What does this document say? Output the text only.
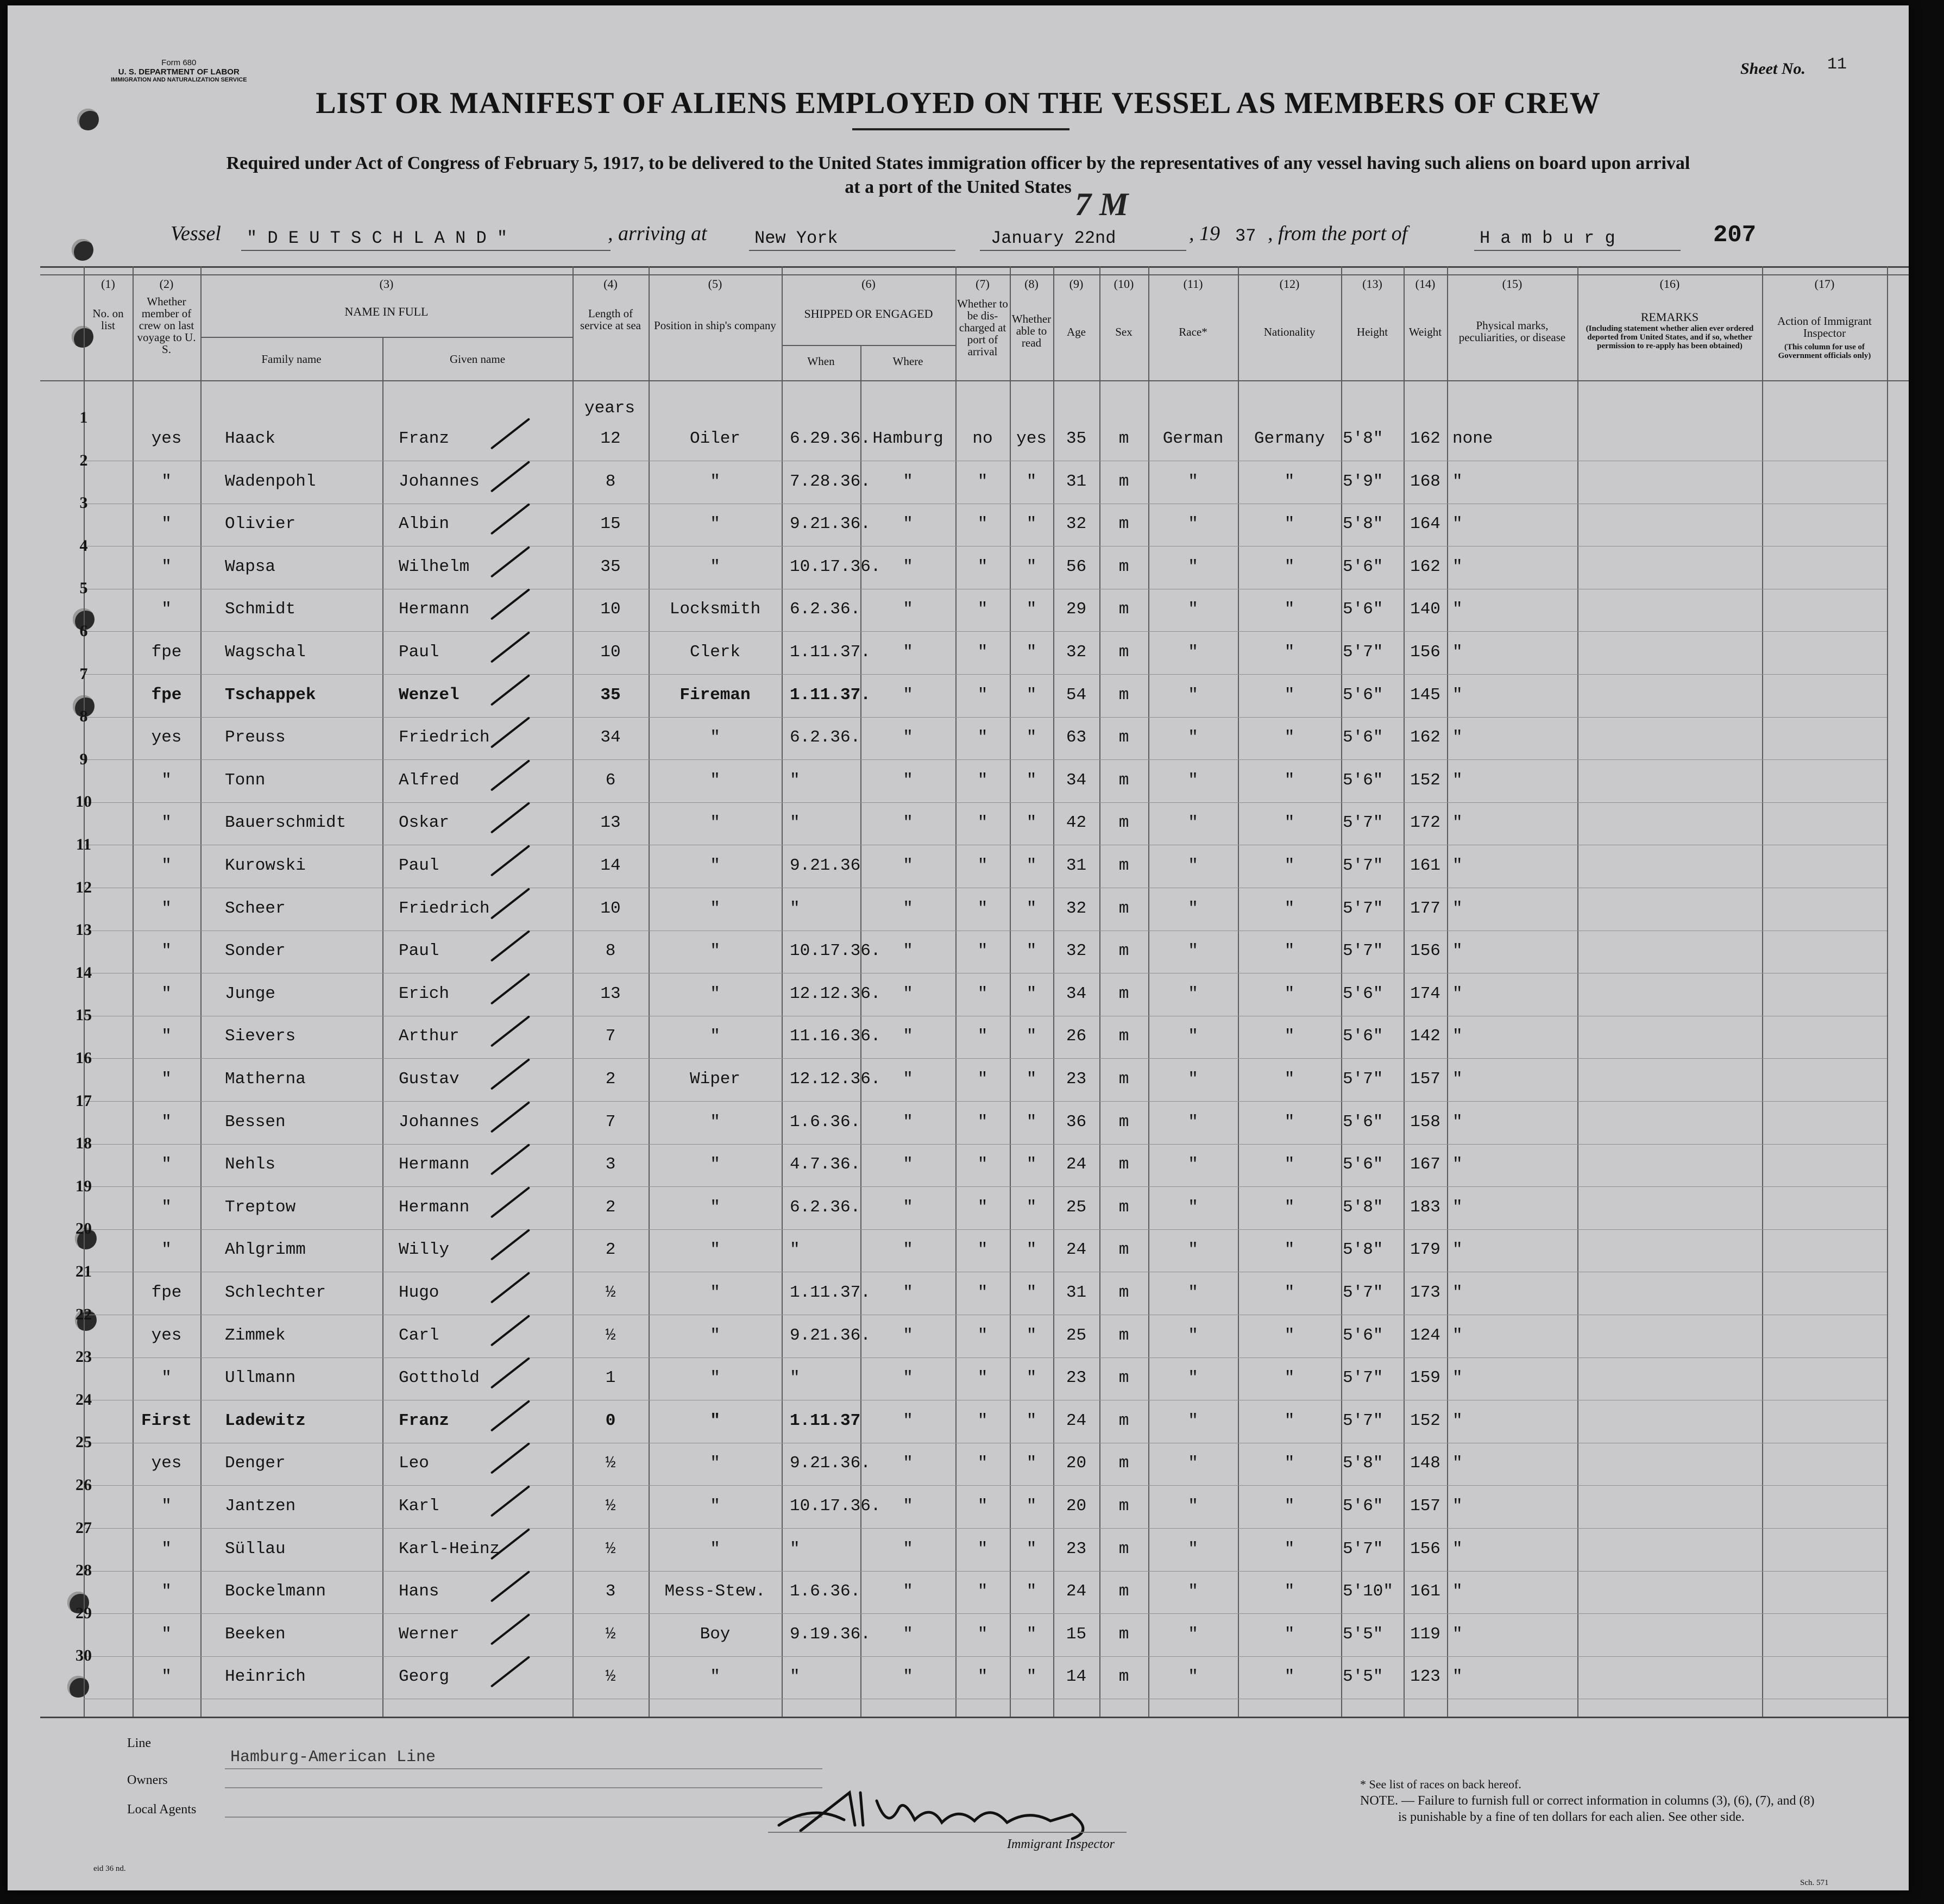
Form 680
U. S. DEPARTMENT OF LABOR
IMMIGRATION AND NATURALIZATION SERVICE
Sheet No. 11
LIST OR MANIFEST OF ALIENS EMPLOYED ON THE VESSEL AS MEMBERS OF CREW
Required under Act of Congress of February 5, 1917, to be delivered to the United States immigration officer by the representatives of any vessel having such aliens on board upon arrival
at a port of the United States
Vessel " D E U T S C H L A N D "	, arriving at	New York	January 22nd
7 M
, 19 37 , from the port of	H a m b u r g	207
(1)	(2)	(3)	(4)	(5)	(6)	(7)	(8)	(9)	(10)	(11)	(12)	(13)	(14)	(15)	(16)	(17)
No. on list
Whether member of crew on last voyage to U. S.
NAME IN FULL
Family name	Given name
Length of service at sea Position in ship's company
SHIPPED OR ENGAGED
When	Where
Whether to be dis-charged at port of arrival
Whether able to read
Age	Sex	Race*	Nationality	Height	Weight	Physical marks, peculiarities, or disease
REMARKS
(Including statement whether alien ever ordered deported from United States, and if so, whether permission to re-apply has been obtained)
Action of Immigrant Inspector
(This column for use of Government officials only)
years
1
yes	Haack	Franz	12	Oiler	6.29.36. Hamburg	no	yes	35	m	German	Germany	5'8"	162 none
2
"	Wadenpohl	Johannes	8	"	7.28.36.	"	"	"	31	m	"	"	5'9"	168 "
3
"	Olivier	Albin	15	"	9.21.36.	"	"	"	32	m	"	"	5'8"	164 "
4
"	Wapsa	Wilhelm	35	"	10.17.36.	"	"	"	56	m	"	"	5'6"	162 "
5
"	Schmidt	Hermann	10	Locksmith	6.2.36.	"	"	"	29	m	"	"	5'6"	140 "
6
fpe	Wagschal	Paul	10	Clerk	1.11.37.	"	"	"	32	m	"	"	5'7"	156 "
7
fpe	Tschappek	Wenzel	35	Fireman	1.11.37.	"	"	"	54	m	"	"	5'6"	145 "
8
yes	Preuss	Friedrich	34	"	6.2.36.	"	"	"	63	m	"	"	5'6"	162 "
9
"	Tonn	Alfred	6	"	"	"	"	"	34	m	"	"	5'6"	152 "
10
"	Bauerschmidt	Oskar	13	"	"	"	"	"	42	m	"	"	5'7"	172 "
11
"	Kurowski	Paul	14	"	9.21.36	"	"	"	31	m	"	"	5'7"	161 "
12
"	Scheer	Friedrich	10	"	"	"	"	"	32	m	"	"	5'7"	177 "
13
"	Sonder	Paul	8	"	10.17.36.	"	"	"	32	m	"	"	5'7"	156 "
14
"	Junge	Erich	13	"	12.12.36.	"	"	"	34	m	"	"	5'6"	174 "
15
"	Sievers	Arthur	7	"	11.16.36.	"	"	"	26	m	"	"	5'6"	142 "
16
"	Matherna	Gustav	2	Wiper	12.12.36.	"	"	"	23	m	"	"	5'7"	157 "
17
"	Bessen	Johannes	7	"	1.6.36.	"	"	"	36	m	"	"	5'6"	158 "
18
"	Nehls	Hermann	3	"	4.7.36.	"	"	"	24	m	"	"	5'6"	167 "
19
"	Treptow	Hermann	2	"	6.2.36.	"	"	"	25	m	"	"	5'8"	183 "
20
"	Ahlgrimm	Willy	2	"	"	"	"	"	24	m	"	"	5'8"	179 "
21
fpe	Schlechter	Hugo	½	"	1.11.37.	"	"	"	31	m	"	"	5'7"	173 "
22
yes	Zimmek	Carl	½	"	9.21.36.	"	"	"	25	m	"	"	5'6"	124 "
23
"	Ullmann	Gotthold	1	"	"	"	"	"	23	m	"	"	5'7"	159 "
24
First	Ladewitz	Franz	0	"	1.11.37	"	"	"	24	m	"	"	5'7"	152 "
25
yes	Denger	Leo	½	"	9.21.36.	"	"	"	20	m	"	"	5'8"	148 "
26
"	Jantzen	Karl	½	"	10.17.36.	"	"	"	20	m	"	"	5'6"	157 "
27
"	Süllau	Karl-Heinz	½	"	"	"	"	"	23	m	"	"	5'7"	156 "
28
"	Bockelmann	Hans	3	Mess-Stew.	1.6.36.	"	"	"	24	m	"	"	5'10"	161 "
29
"	Beeken	Werner	½	Boy	9.19.36.	"	"	"	15	m	"	"	5'5"	119 "
30
"	Heinrich	Georg	½	"	"	"	"	"	14	m	"	"	5'5"	123 "
Line
Hamburg-American Line
Owners
Local Agents
Immigrant Inspector
* See list of races on back hereof.
NOTE. — Failure to furnish full or correct information in columns (3), (6), (7), and (8)
is punishable by a fine of ten dollars for each alien. See other side.
eid 36 nd.
Sch. 571
